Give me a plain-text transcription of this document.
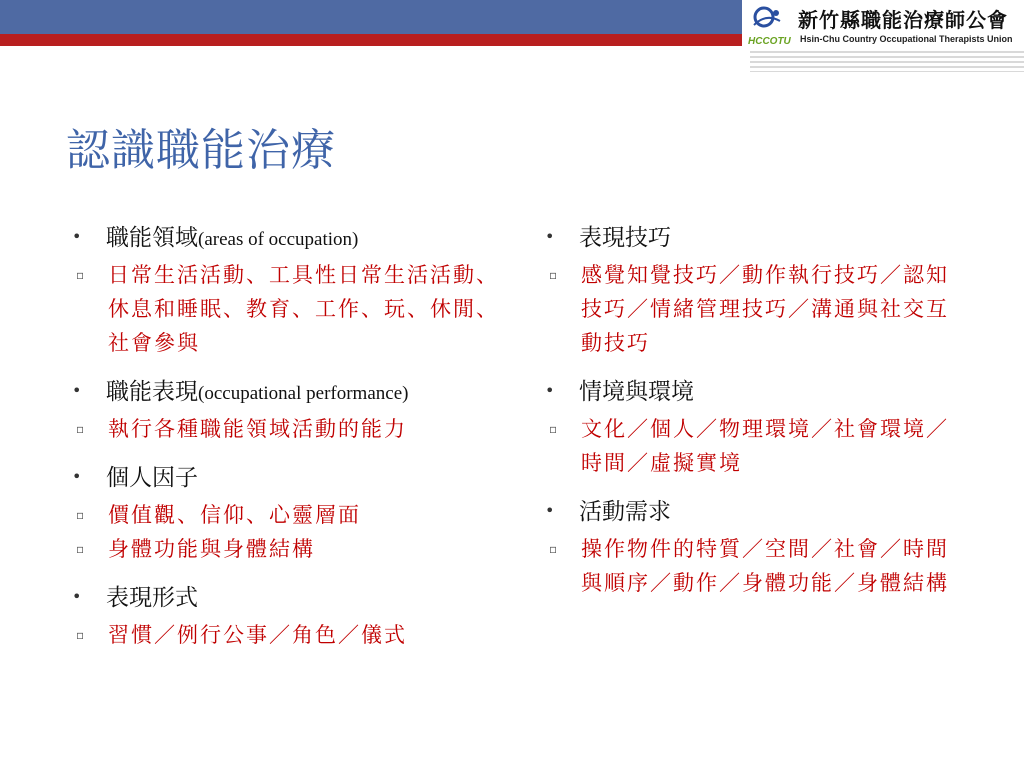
HCCOTU
新竹縣職能治療師公會
Hsin-Chu Country Occupational Therapists Union
認識職能治療
•	職能領域(areas of occupation)
▫	日常生活活動、工具性日常生活活動、休息和睡眠、教育、工作、玩、休閒、社會參與
•	職能表現(occupational performance)
▫	執行各種職能領域活動的能力
•	個人因子
▫	價值觀、信仰、心靈層面
▫	身體功能與身體結構
•	表現形式
▫	習慣／例行公事／角色／儀式
•	表現技巧
▫	感覺知覺技巧／動作執行技巧／認知技巧／情緒管理技巧／溝通與社交互動技巧
•	情境與環境
▫	文化／個人／物理環境／社會環境／時間／虛擬實境
•	活動需求
▫	操作物件的特質／空間／社會／時間與順序／動作／身體功能／身體結構
